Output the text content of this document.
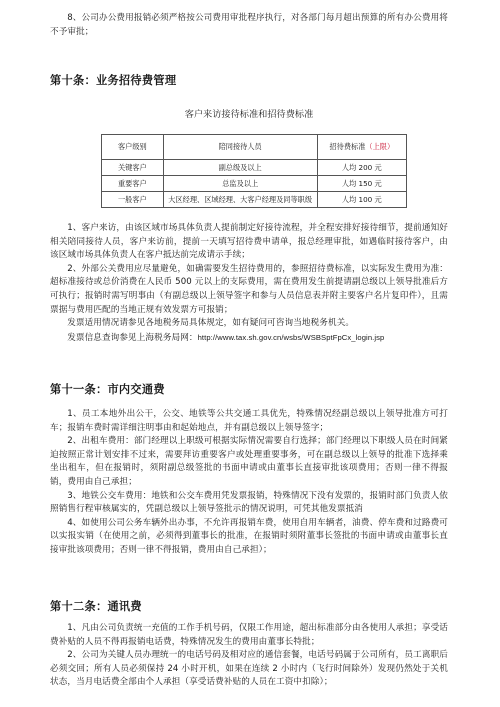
8、公司办公费用报销必须严格按公司费用审批程序执行，对各部门每月超出预算的所有办公费用将不予审批；

第十条：业务招待费管理

客户来访接待标准和招待费标准

客户级别	陪同接待人员	招待费标准（上限）
关键客户	副总级及以上	人均 200 元
重要客户	总监及以上	人均 150 元
一般客户	大区经理、区域经理、大客户经理及同等职级	人均 100 元

1、客户来访，由该区域市场具体负责人提前制定好接待流程，并全程安排好接待细节，提前通知好相关陪同接待人员，客户来访前，提前一天填写招待费申请单，报总经理审批，如遇临时接待客户，由该区域市场具体负责人在客户抵达前完成请示手续；

2、外部公关费用应尽量避免，如确需要发生招待费用的，参照招待费标准，以实际发生费用为准：超标准接待或总价消费在人民币 500 元以上的支际费用，需在费用发生前提请副总级以上领导批准后方可执行；报销时需写明事由（有副总级以上领导签字和参与人员信息表并附主要客户名片复印件），且需票据与费用匹配的当地正规有效发票方可报销；

发票适用情况请参见各地税务局具体规定，如有疑问可咨询当地税务机关。

发票信息查询参见上海税务局网：http://www.tax.sh.gov.cn/wsbs/WSBSptFpCx_login.jsp

第十一条：市内交通费

1、员工本地外出公干，公交、地铁等公共交通工具优先，特殊情况经副总级以上领导批准方可打车；报销车费时需详细注明事由和起始地点，并有副总级以上领导签字；

2、出租车费用：部门经理以上职级可根据实际情况需要自行选择；部门经理以下职级人员在时间紧迫按照正常计划安排不过来，需要拜访重要客户或处理重要事务，可在副总级以上领导的批准下选择乘坐出租车，但在报销时，须附副总级签批的书面申请或由董事长直接审批该项费用；否则一律不得报销，费用由自己承担；

3、地铁公交车费用：地铁和公交车费用凭发票报销，特殊情况下没有发票的，报销时部门负责人依照销售行程审核属实的，凭副总级以上领导签批示的情况说明，可凭其他发票抵消

4、如使用公司公务车辆外出办事，不允许再报销车费，使用自用车辆者，油费、停车费和过路费可以实报实销（在使用之前，必须得到董事长的批准，在报销时须附董事长签批的书面申请或由董事长直接审批该项费用；否则一律不得报销，费用由自己承担）；

第十二条：通讯费

1、凡由公司负责统一充值的工作手机号码，仅限工作用途，超出标准部分由各使用人承担；享受话费补贴的人员不得再报销电话费，特殊情况发生的费用由董事长特批；

2、公司为关键人员办理统一的电话号码及相对应的通信套餐，电话号码属于公司所有，员工离职后必须交回；所有人员必须保持 24 小时开机，如果在连续 2 小时内（飞行时间除外）发现仍然处于关机状态，当月电话费全部由个人承担（享受话费补贴的人员在工资中扣除）；
